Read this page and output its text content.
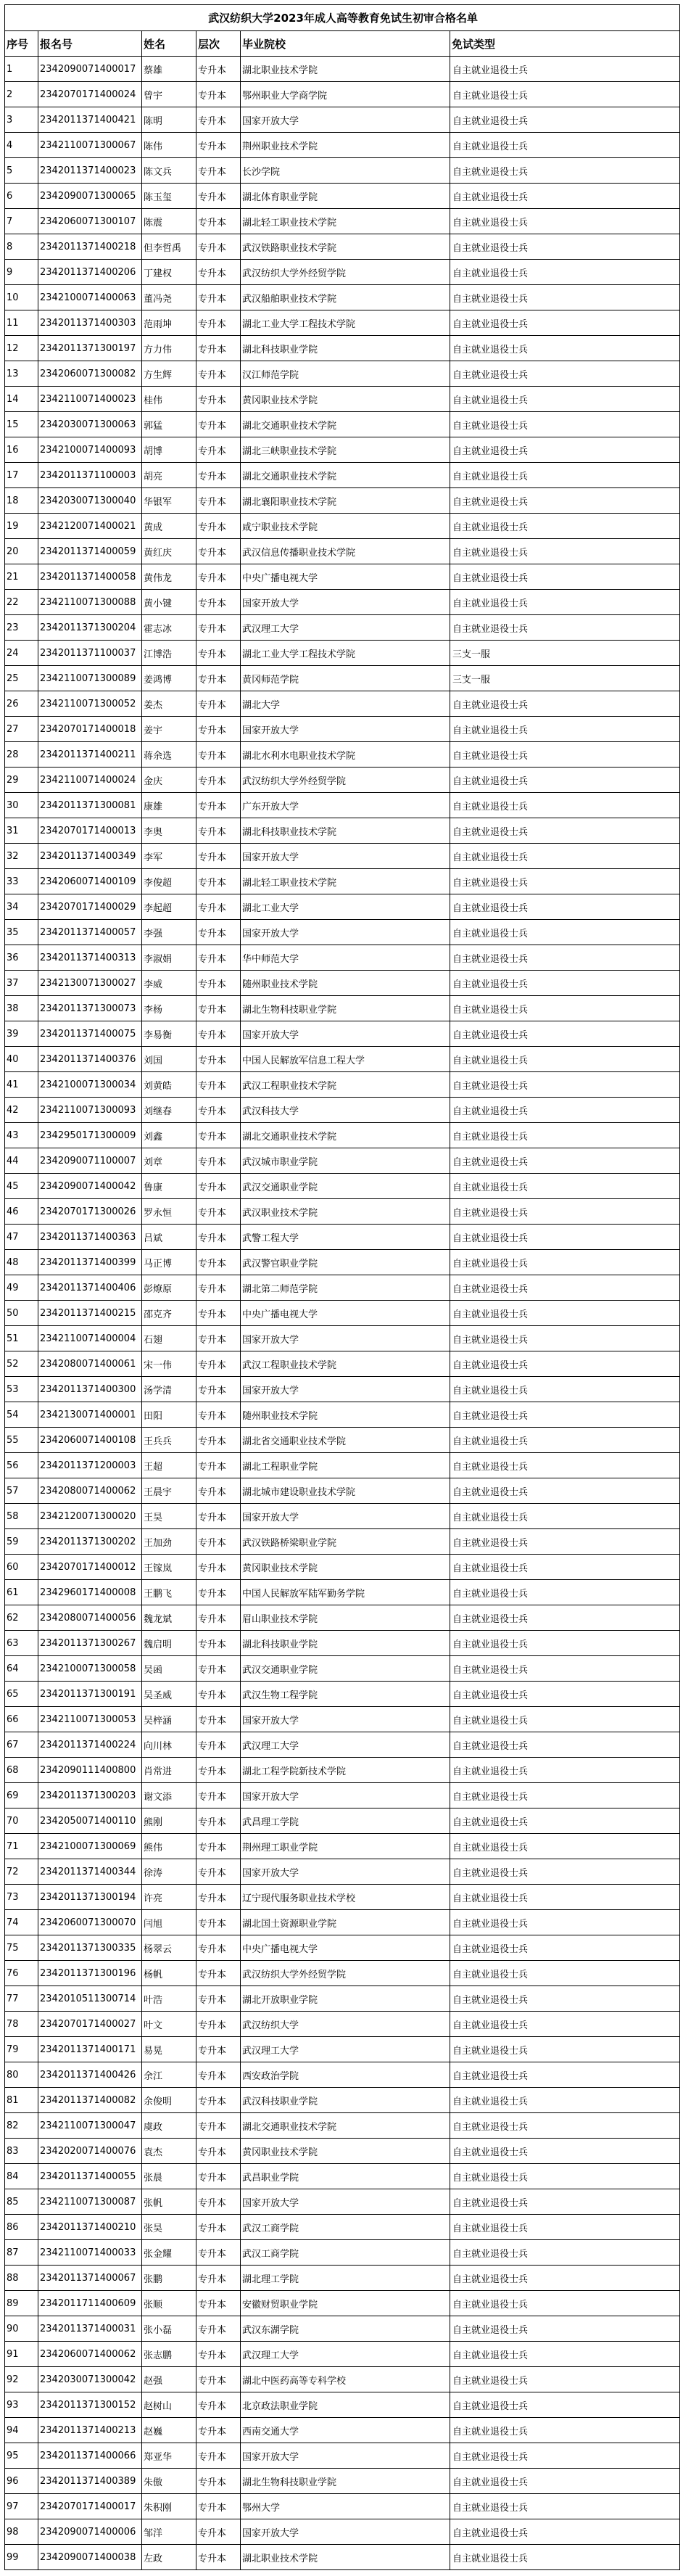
武汉纺织大学2023年成人高等教育免试生初审合格名单					
序号	报名号	姓名	层次	毕业院校	免试类型
1	2342090071400017	蔡雄	专升本	湖北职业技术学院	自主就业退役士兵
2	2342070171400024	曾宇	专升本	鄂州职业大学商学院	自主就业退役士兵
3	2342011371400421	陈明	专升本	国家开放大学	自主就业退役士兵
4	2342110071300067	陈伟	专升本	荆州职业技术学院	自主就业退役士兵
5	2342011371400023	陈文兵	专升本	长沙学院	自主就业退役士兵
6	2342090071300065	陈玉玺	专升本	湖北体育职业学院	自主就业退役士兵
7	2342060071300107	陈震	专升本	湖北轻工职业技术学院	自主就业退役士兵
8	2342011371400218	但李哲禹	专升本	武汉铁路职业技术学院	自主就业退役士兵
9	2342011371400206	丁建权	专升本	武汉纺织大学外经贸学院	自主就业退役士兵
10	2342100071400063	董冯尧	专升本	武汉船舶职业技术学院	自主就业退役士兵
11	2342011371400303	范雨坤	专升本	湖北工业大学工程技术学院	自主就业退役士兵
12	2342011371300197	方力伟	专升本	湖北科技职业学院	自主就业退役士兵
13	2342060071300082	方生辉	专升本	汉江师范学院	自主就业退役士兵
14	2342110071400023	桂伟	专升本	黄冈职业技术学院	自主就业退役士兵
15	2342030071300063	郭猛	专升本	湖北交通职业技术学院	自主就业退役士兵
16	2342100071400093	胡博	专升本	湖北三峡职业技术学院	自主就业退役士兵
17	2342011371100003	胡亮	专升本	湖北交通职业技术学院	自主就业退役士兵
18	2342030071300040	华银军	专升本	湖北襄阳职业技术学院	自主就业退役士兵
19	2342120071400021	黄成	专升本	咸宁职业技术学院	自主就业退役士兵
20	2342011371400059	黄红庆	专升本	武汉信息传播职业技术学院	自主就业退役士兵
21	2342011371400058	黄伟龙	专升本	中央广播电视大学	自主就业退役士兵
22	2342110071300088	黄小键	专升本	国家开放大学	自主就业退役士兵
23	2342011371300204	霍志冰	专升本	武汉理工大学	自主就业退役士兵
24	2342011371100037	江博浩	专升本	湖北工业大学工程技术学院	三支一服
25	2342110071300089	姜鸿博	专升本	黄冈师范学院	三支一服
26	2342110071300052	姜杰	专升本	湖北大学	自主就业退役士兵
27	2342070171400018	姜宇	专升本	国家开放大学	自主就业退役士兵
28	2342011371400211	蒋余选	专升本	湖北水利水电职业技术学院	自主就业退役士兵
29	2342110071400024	金庆	专升本	武汉纺织大学外经贸学院	自主就业退役士兵
30	2342011371300081	康雄	专升本	广东开放大学	自主就业退役士兵
31	2342070171400013	李奥	专升本	湖北科技职业技术学院	自主就业退役士兵
32	2342011371400349	李军	专升本	国家开放大学	自主就业退役士兵
33	2342060071400109	李俊超	专升本	湖北轻工职业技术学院	自主就业退役士兵
34	2342070171400029	李起超	专升本	湖北工业大学	自主就业退役士兵
35	2342011371400057	李强	专升本	国家开放大学	自主就业退役士兵
36	2342011371400313	李淑娟	专升本	华中师范大学	自主就业退役士兵
37	2342130071300027	李威	专升本	随州职业技术学院	自主就业退役士兵
38	2342011371300073	李杨	专升本	湖北生物科技职业学院	自主就业退役士兵
39	2342011371400075	李易衡	专升本	国家开放大学	自主就业退役士兵
40	2342011371400376	刘国	专升本	中国人民解放军信息工程大学	自主就业退役士兵
41	2342100071300034	刘黄皓	专升本	武汉工程职业技术学院	自主就业退役士兵
42	2342110071300093	刘继春	专升本	武汉科技大学	自主就业退役士兵
43	2342950171300009	刘鑫	专升本	湖北交通职业技术学院	自主就业退役士兵
44	2342090071100007	刘章	专升本	武汉城市职业学院	自主就业退役士兵
45	2342090071400042	鲁康	专升本	武汉交通职业学院	自主就业退役士兵
46	2342070171300026	罗永恒	专升本	武汉职业技术学院	自主就业退役士兵
47	2342011371400363	吕斌	专升本	武警工程大学	自主就业退役士兵
48	2342011371400399	马正博	专升本	武汉警官职业学院	自主就业退役士兵
49	2342011371400406	彭燎原	专升本	湖北第二师范学院	自主就业退役士兵
50	2342011371400215	邵克齐	专升本	中央广播电视大学	自主就业退役士兵
51	2342110071400004	石翅	专升本	国家开放大学	自主就业退役士兵
52	2342080071400061	宋一伟	专升本	武汉工程职业技术学院	自主就业退役士兵
53	2342011371400300	汤学清	专升本	国家开放大学	自主就业退役士兵
54	2342130071400001	田阳	专升本	随州职业技术学院	自主就业退役士兵
55	2342060071400108	王兵兵	专升本	湖北省交通职业技术学院	自主就业退役士兵
56	2342011371200003	王超	专升本	湖北工程职业学院	自主就业退役士兵
57	2342080071400062	王晨宇	专升本	湖北城市建设职业技术学院	自主就业退役士兵
58	2342120071300020	王昊	专升本	国家开放大学	自主就业退役士兵
59	2342011371300202	王加劲	专升本	武汉铁路桥梁职业学院	自主就业退役士兵
60	2342070171400012	王镓岚	专升本	黄冈职业技术学院	自主就业退役士兵
61	2342960171400008	王鹏飞	专升本	中国人民解放军陆军勤务学院	自主就业退役士兵
62	2342080071400056	魏龙斌	专升本	眉山职业技术学院	自主就业退役士兵
63	2342011371300267	魏启明	专升本	湖北科技职业学院	自主就业退役士兵
64	2342100071300058	吴函	专升本	武汉交通职业学院	自主就业退役士兵
65	2342011371300191	吴圣威	专升本	武汉生物工程学院	自主就业退役士兵
66	2342110071300053	吴梓涵	专升本	国家开放大学	自主就业退役士兵
67	2342011371400224	向川林	专升本	武汉理工大学	自主就业退役士兵
68	2342090111400800	肖常进	专升本	湖北工程学院新技术学院	自主就业退役士兵
69	2342011371300203	谢文添	专升本	国家开放大学	自主就业退役士兵
70	2342050071400110	熊刚	专升本	武昌理工学院	自主就业退役士兵
71	2342100071300069	熊伟	专升本	荆州理工职业学院	自主就业退役士兵
72	2342011371400344	徐涛	专升本	国家开放大学	自主就业退役士兵
73	2342011371300194	许亮	专升本	辽宁现代服务职业技术学校	自主就业退役士兵
74	2342060071300070	闫旭	专升本	湖北国土资源职业学院	自主就业退役士兵
75	2342011371300335	杨翠云	专升本	中央广播电视大学	自主就业退役士兵
76	2342011371300196	杨帆	专升本	武汉纺织大学外经贸学院	自主就业退役士兵
77	2342010511300714	叶浩	专升本	湖北开放职业学院	自主就业退役士兵
78	2342070171400027	叶文	专升本	武汉纺织大学	自主就业退役士兵
79	2342011371400171	易晃	专升本	武汉理工大学	自主就业退役士兵
80	2342011371400426	余江	专升本	西安政治学院	自主就业退役士兵
81	2342011371400082	余俊明	专升本	武汉科技职业学院	自主就业退役士兵
82	2342110071300047	虞政	专升本	湖北交通职业技术学院	自主就业退役士兵
83	2342020071400076	袁杰	专升本	黄冈职业技术学院	自主就业退役士兵
84	2342011371400055	张晨	专升本	武昌职业学院	自主就业退役士兵
85	2342110071300087	张帆	专升本	国家开放大学	自主就业退役士兵
86	2342011371400210	张昊	专升本	武汉工商学院	自主就业退役士兵
87	2342110071400033	张金耀	专升本	武汉工商学院	自主就业退役士兵
88	2342011371400067	张鹏	专升本	湖北理工学院	自主就业退役士兵
89	2342011711400609	张顺	专升本	安徽财贸职业学院	自主就业退役士兵
90	2342011371400031	张小磊	专升本	武汉东湖学院	自主就业退役士兵
91	2342060071400062	张志鹏	专升本	武汉理工大学	自主就业退役士兵
92	2342030071300042	赵强	专升本	湖北中医药高等专科学校	自主就业退役士兵
93	2342011371300152	赵树山	专升本	北京政法职业学院	自主就业退役士兵
94	2342011371400213	赵巍	专升本	西南交通大学	自主就业退役士兵
95	2342011371400066	郑亚华	专升本	国家开放大学	自主就业退役士兵
96	2342011371400389	朱傲	专升本	湖北生物科技职业学院	自主就业退役士兵
97	2342070171400017	朱积刚	专升本	鄂州大学	自主就业退役士兵
98	2342090071400006	邹洋	专升本	国家开放大学	自主就业退役士兵
99	2342090071400038	左政	专升本	湖北职业技术学院	自主就业退役士兵
